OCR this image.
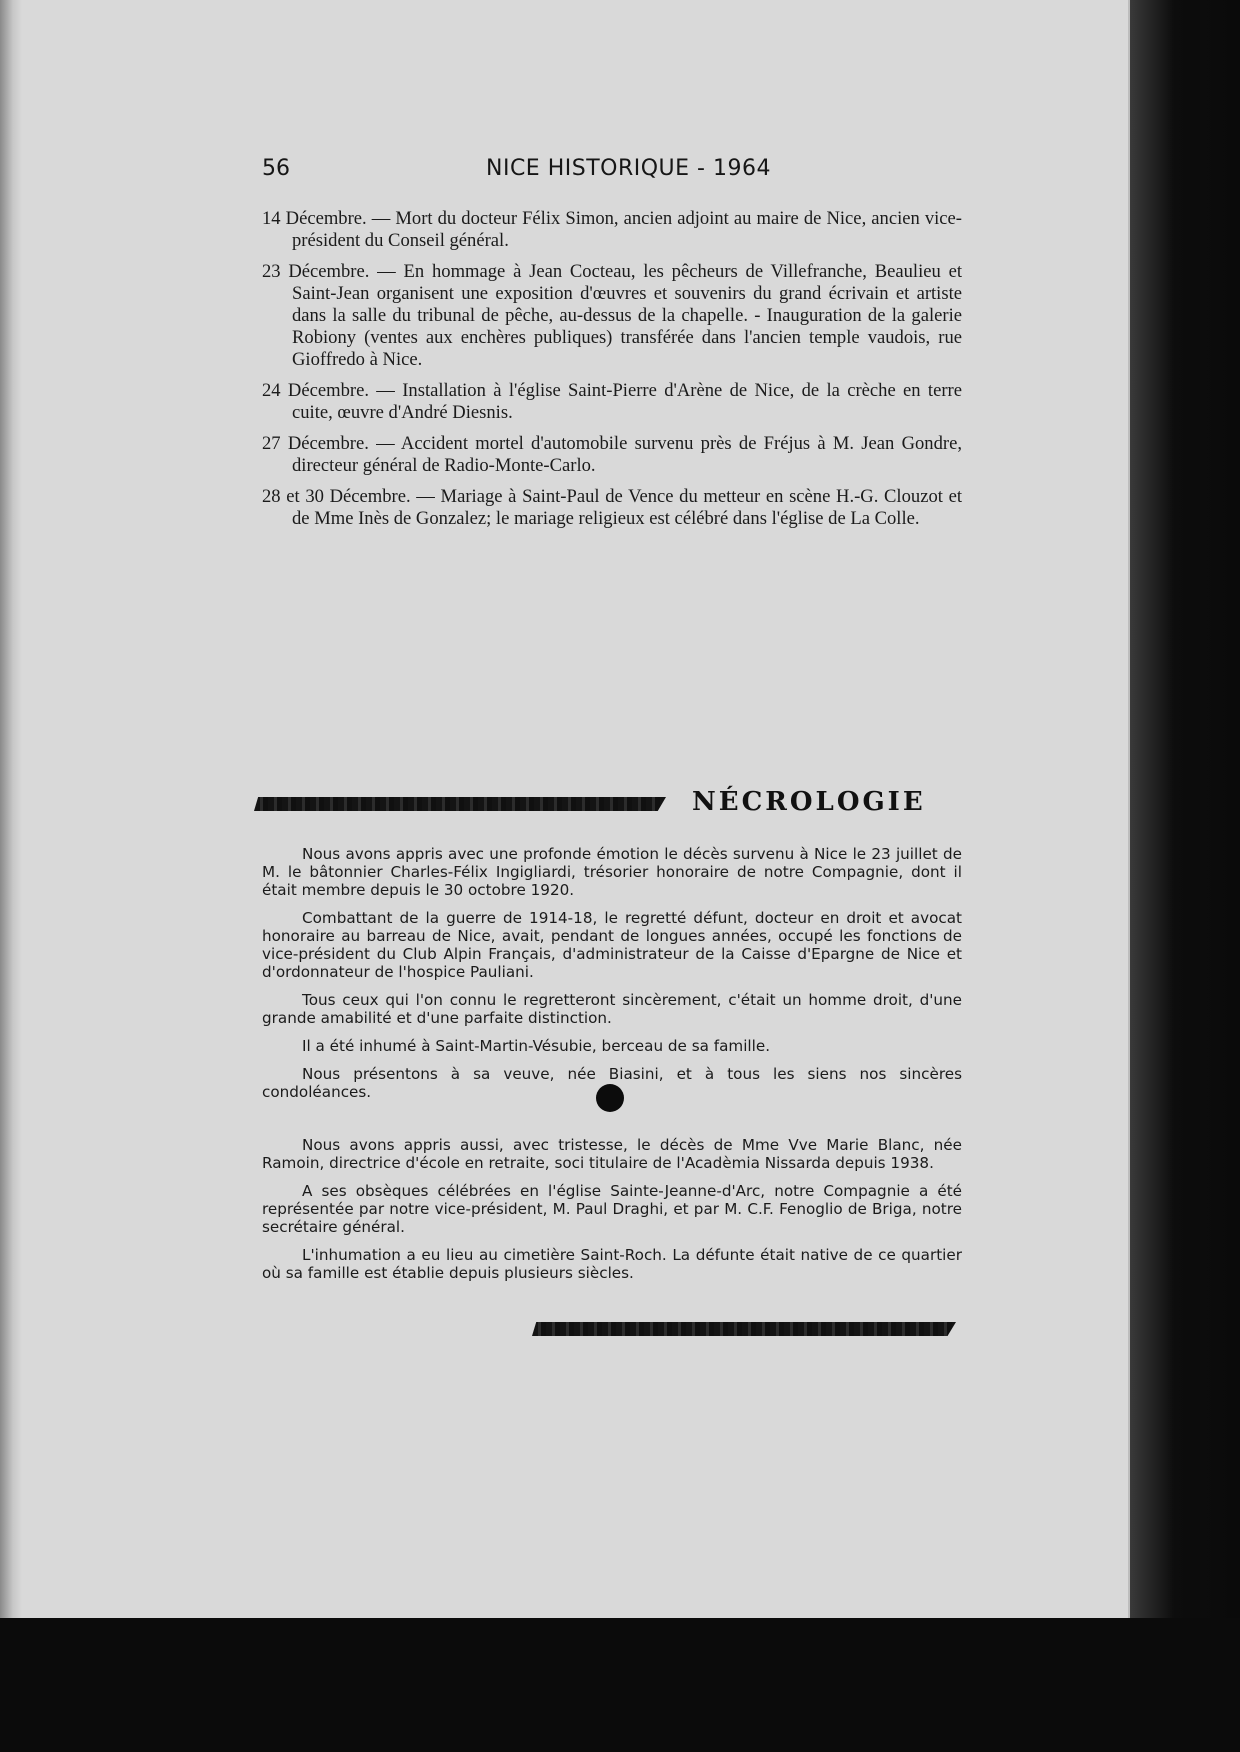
56	NICE HISTORIQUE - 1964

14 Décembre. — Mort du docteur Félix Simon, ancien adjoint au maire de Nice, ancien vice-président du Conseil général.

23 Décembre. — En hommage à Jean Cocteau, les pêcheurs de Villefranche, Beaulieu et Saint-Jean organisent une exposition d'œuvres et souvenirs du grand écrivain et artiste dans la salle du tribunal de pêche, au-dessus de la chapelle. - Inauguration de la galerie Robiony (ventes aux enchères publiques) transférée dans l'ancien temple vaudois, rue Gioffredo à Nice.

24 Décembre. — Installation à l'église Saint-Pierre d'Arène de Nice, de la crèche en terre cuite, œuvre d'André Diesnis.

27 Décembre. — Accident mortel d'automobile survenu près de Fréjus à M. Jean Gondre, directeur général de Radio-Monte-Carlo.

28 et 30 Décembre. — Mariage à Saint-Paul de Vence du metteur en scène H.-G. Clouzot et de Mme Inès de Gonzalez; le mariage religieux est célébré dans l'église de La Colle.

NÉCROLOGIE

Nous avons appris avec une profonde émotion le décès survenu à Nice le 23 juillet de M. le bâtonnier Charles-Félix Ingigliardi, trésorier honoraire de notre Compagnie, dont il était membre depuis le 30 octobre 1920.

Combattant de la guerre de 1914-18, le regretté défunt, docteur en droit et avocat honoraire au barreau de Nice, avait, pendant de longues années, occupé les fonctions de vice-président du Club Alpin Français, d'administrateur de la Caisse d'Epargne de Nice et d'ordonnateur de l'hospice Pauliani.

Tous ceux qui l'on connu le regretteront sincèrement, c'était un homme droit, d'une grande amabilité et d'une parfaite distinction.

Il a été inhumé à Saint-Martin-Vésubie, berceau de sa famille.

Nous présentons à sa veuve, née Biasini, et à tous les siens nos sincères condoléances.

Nous avons appris aussi, avec tristesse, le décès de Mme Vve Marie Blanc, née Ramoin, directrice d'école en retraite, soci titulaire de l'Acadèmia Nissarda depuis 1938.

A ses obsèques célébrées en l'église Sainte-Jeanne-d'Arc, notre Compagnie a été représentée par notre vice-président, M. Paul Draghi, et par M. C.F. Fenoglio de Briga, notre secrétaire général.

L'inhumation a eu lieu au cimetière Saint-Roch. La défunte était native de ce quartier où sa famille est établie depuis plusieurs siècles.
